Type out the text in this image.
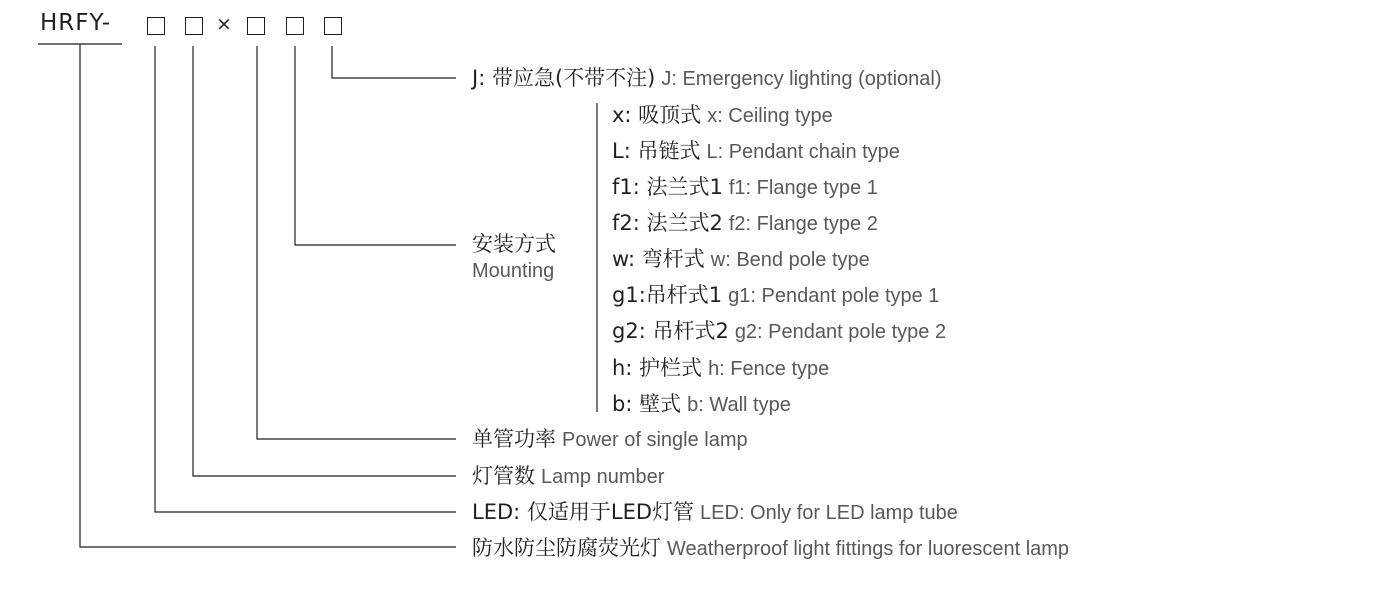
HRFY-	×
J: 带应急(不带不注) J: Emergency lighting (optional)
安装方式
Mounting
x: 吸顶式 x: Ceiling type
L: 吊链式 L: Pendant chain type
f1: 法兰式1 f1: Flange type 1
f2: 法兰式2 f2: Flange type 2
w: 弯杆式 w: Bend pole type
g1:吊杆式1 g1: Pendant pole type 1
g2: 吊杆式2 g2: Pendant pole type 2
h: 护栏式 h: Fence type
b: 壁式 b: Wall type
单管功率 Power of single lamp
灯管数 Lamp number
LED: 仅适用于LED灯管 LED: Only for LED lamp tube
防水防尘防腐荧光灯 Weatherproof light fittings for luorescent lamp
